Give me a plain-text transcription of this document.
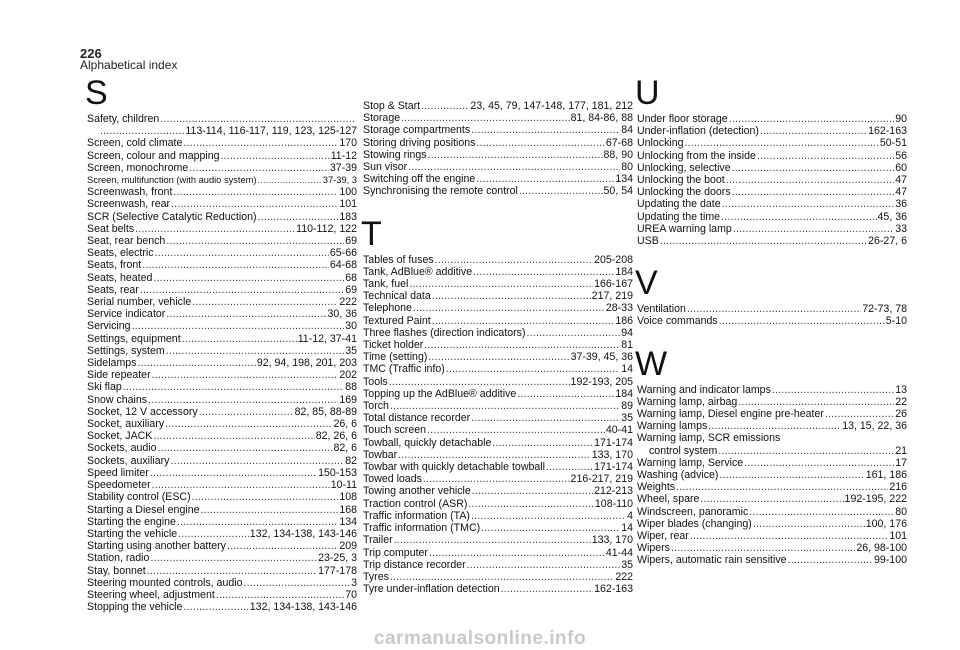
226
Alphabetical index
S
Safety, children
.....
.....
113-114, 116-117, 119, 123, 125-127
Screen, cold climate .....	170
Screen, colour and mapping .....	11-12
Screen, monochrome .....	37-39
Screen, multifunction (with audio system) .....	37-39, 3
Screenwash, front .....	100
Screenwash, rear .....	101
SCR (Selective Catalytic Reduction) .....	183
Seat belts .....	110-112, 122
Seat, rear bench .....	69
Seats, electric .....	65-66
Seats, front .....	64-68
Seats, heated .....	68
Seats, rear .....	69
Serial number, vehicle .....	222
Service indicator .....	30, 36
Servicing .....	30
Settings, equipment .....	11-12, 37-41
Settings, system .....	35
Sidelamps .....	92, 94, 198, 201, 203
Side repeater .....	202
Ski flap .....	88
Snow chains .....	169
Socket, 12 V accessory .....	82, 85, 88-89
Socket, auxiliary .....	26, 6
Socket, JACK .....	82, 26, 6
Sockets, audio .....	82, 6
Sockets, auxiliary .....	82
Speed limiter .....	150-153
Speedometer .....	10-11
Stability control (ESC) .....	108
Starting a Diesel engine .....	168
Starting the engine .....	134
Starting the vehicle .....	132, 134-138, 143-146
Starting using another battery .....	209
Station, radio .....	23-25, 3
Stay, bonnet .....	177-178
Steering mounted controls, audio .....	3
Steering wheel, adjustment .....	70
Stopping the vehicle .....	132, 134-138, 143-146
Stop & Start .....	23, 45, 79, 147-148, 177, 181, 212
Storage .....	81, 84-86, 88
Storage compartments .....	84
Storing driving positions .....	67-68
Stowing rings .....	88, 90
Sun visor .....	80
Switching off the engine .....	134
Synchronising the remote control .....	50, 54
T
Tables of fuses .....	205-208
Tank, AdBlue® additive .....	184
Tank, fuel .....	166-167
Technical data .....	217, 219
Telephone .....	28-33
Textured Paint .....	186
Three flashes (direction indicators) .....	94
Ticket holder .....	81
Time (setting) .....	37-39, 45, 36
TMC (Traffic info) .....	14
Tools .....	192-193, 205
Topping up the AdBlue® additive .....	184
Torch .....	89
Total distance recorder .....	35
Touch screen .....	40-41
Towball, quickly detachable .....	171-174
Towbar .....	133, 170
Towbar with quickly detachable towball .....	171-174
Towed loads .....	216-217, 219
Towing another vehicle .....	212-213
Traction control (ASR) .....	108-110
Traffic information (TA) .....	4
Traffic information (TMC) .....	14
Trailer .....	133, 170
Trip computer .....	41-44
Trip distance recorder .....	35
Tyres .....	222
Tyre under-inflation detection .....	162-163
U
Under floor storage .....	90
Under-inflation (detection) .....	162-163
Unlocking .....	50-51
Unlocking from the inside .....	56
Unlocking, selective .....	60
Unlocking the boot .....	47
Unlocking the doors .....	47
Updating the date .....	36
Updating the time .....	45, 36
UREA warning lamp .....	33
USB .....	26-27, 6
V
Ventilation .....	72-73, 78
Voice commands .....	5-10
W
Warning and indicator lamps .....	13
Warning lamp, airbag .....	22
Warning lamp, Diesel engine pre-heater .....	26
Warning lamps .....	13, 15, 22, 36
Warning lamp, SCR emissions
control system .....	21
Warning lamp, Service .....	17
Washing (advice) .....	161, 186
Weights .....	216
Wheel, spare .....	192-195, 222
Windscreen, panoramic .....	80
Wiper blades (changing) .....	100, 176
Wiper, rear .....	101
Wipers .....	26, 98-100
Wipers, automatic rain sensitive .....	99-100
carmanualsonline.info
